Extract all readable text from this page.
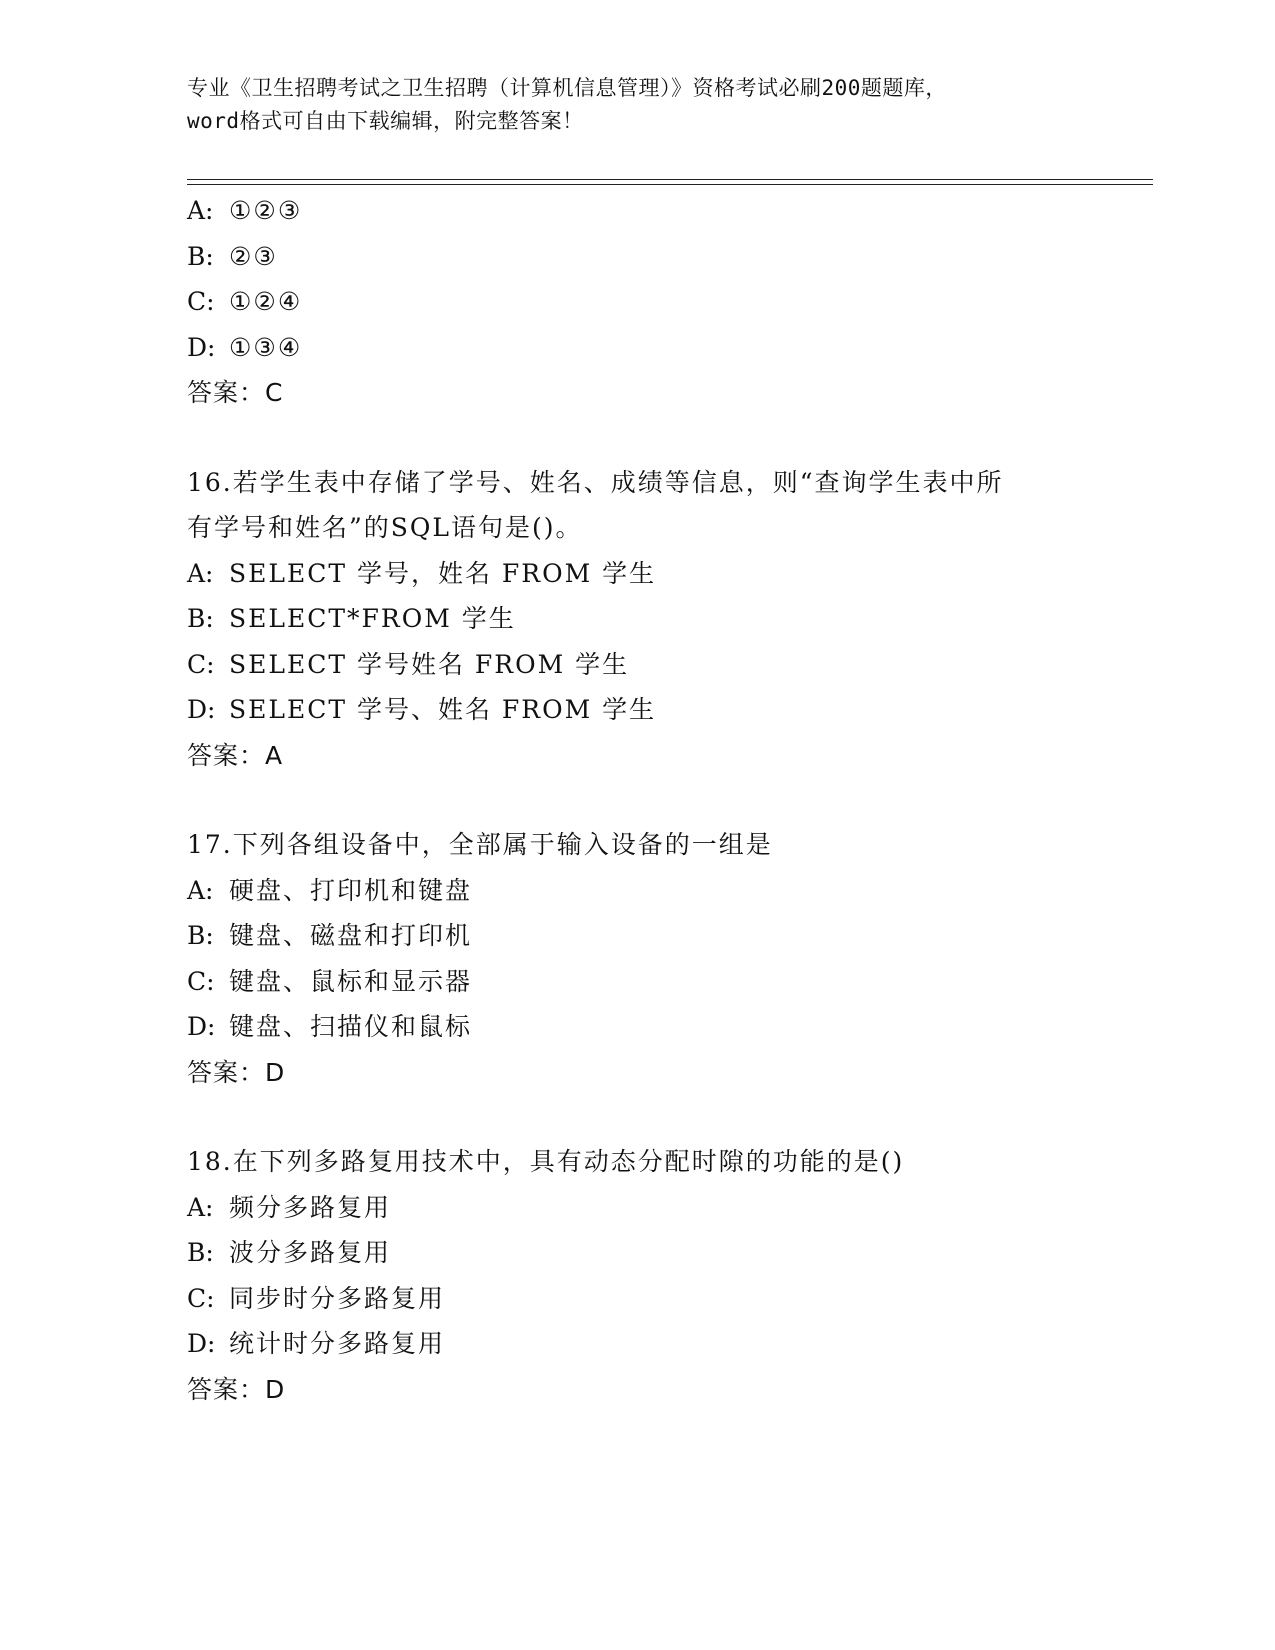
专业《卫生招聘考试之卫生招聘（计算机信息管理）》资格考试必刷200题题库，
word格式可自由下载编辑，附完整答案！
A: ①②③
B: ②③
C: ①②④
D: ①③④
答案：C
16.若学生表中存储了学号、姓名、成绩等信息，则“查询学生表中所
有学号和姓名”的SQL语句是()。
A: SELECT 学号，姓名 FROM 学生
B: SELECT*FROM 学生
C: SELECT 学号姓名 FROM 学生
D: SELECT 学号、姓名 FROM 学生
答案：A
17.下列各组设备中，全部属于输入设备的一组是
A: 硬盘、打印机和键盘
B: 键盘、磁盘和打印机
C: 键盘、鼠标和显示器
D: 键盘、扫描仪和鼠标
答案：D
18.在下列多路复用技术中，具有动态分配时隙的功能的是()
A: 频分多路复用
B: 波分多路复用
C: 同步时分多路复用
D: 统计时分多路复用
答案：D
